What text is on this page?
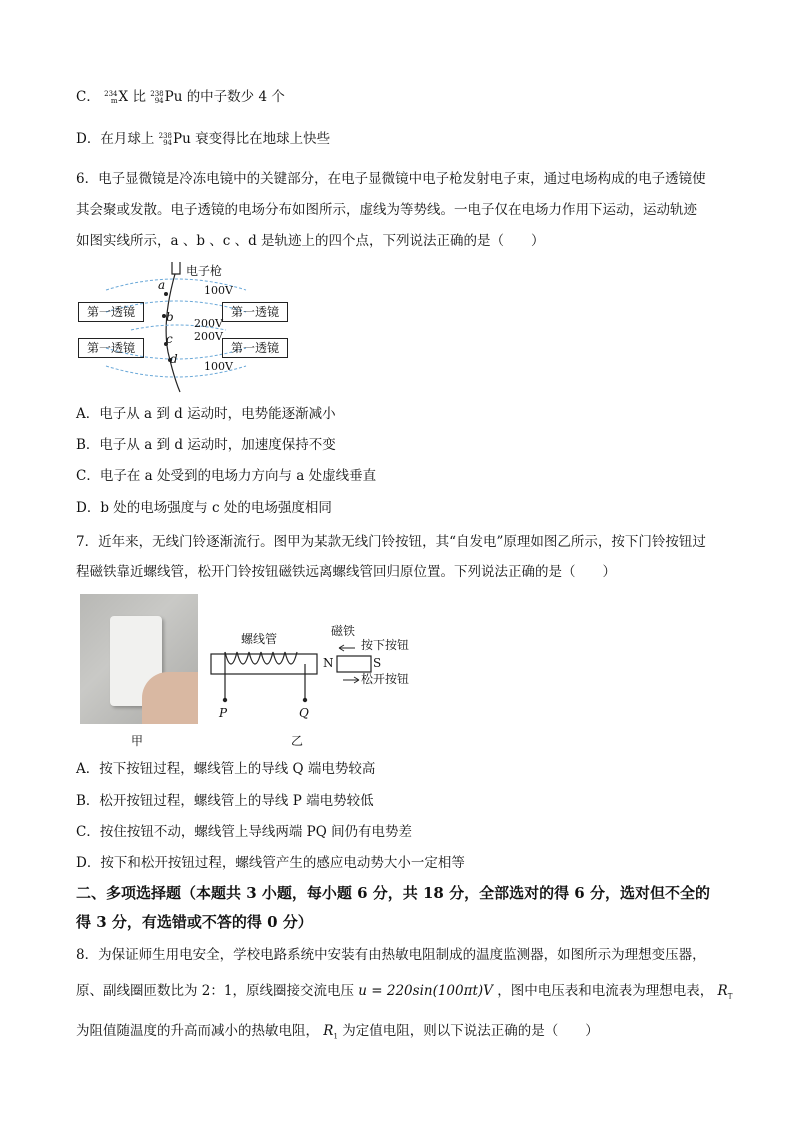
C． 234
mX 比 238
94Pu 的中子数少 4 个
D．在月球上 238
94Pu 衰变得比在地球上快些
6．电子显微镜是冷冻电镜中的关键部分，在电子显微镜中电子枪发射电子束，通过电场构成的电子透镜使
其会聚或发散。电子透镜的电场分布如图所示，虚线为等势线。一电子仅在电场力作用下运动，运动轨迹
如图实线所示，a 、b 、c 、d 是轨迹上的四个点，下列说法正确的是（　　）
电子枪
100V
200V
200V
100V
a
b
c
d
第一透镜	第一透镜
第一透镜	第一透镜
A．电子从 a 到 d 运动时，电势能逐渐减小
B．电子从 a 到 d 运动时，加速度保持不变
C．电子在 a 处受到的电场力方向与 a 处虚线垂直
D．b 处的电场强度与 c 处的电场强度相同
7．近年来，无线门铃逐渐流行。图甲为某款无线门铃按钮，其“自发电”原理如图乙所示，按下门铃按钮过
程磁铁靠近螺线管，松开门铃按钮磁铁远离螺线管回归原位置。下列说法正确的是（　　）
甲
螺线管
磁铁
按下按钮
松开按钮
N	S
P	Q
乙
A．按下按钮过程，螺线管上的导线 Q 端电势较高
B．松开按钮过程，螺线管上的导线 P 端电势较低
C．按住按钮不动，螺线管上导线两端 PQ 间仍有电势差
D．按下和松开按钮过程，螺线管产生的感应电动势大小一定相等
二、多项选择题（本题共 3 小题，每小题 6 分，共 18 分，全部选对的得 6 分，选对但不全的
得 3 分，有选错或不答的得 0 分）
8．为保证师生用电安全，学校电路系统中安装有由热敏电阻制成的温度监测器，如图所示为理想变压器，
原、副线圈匝数比为 2：1，原线圈接交流电压 u = 220sin(100πt)V ，图中电压表和电流表为理想电表， $R_T$
为阻值随温度的升高而减小的热敏电阻， $R_1$ 为定值电阻，则以下说法正确的是（　　）
